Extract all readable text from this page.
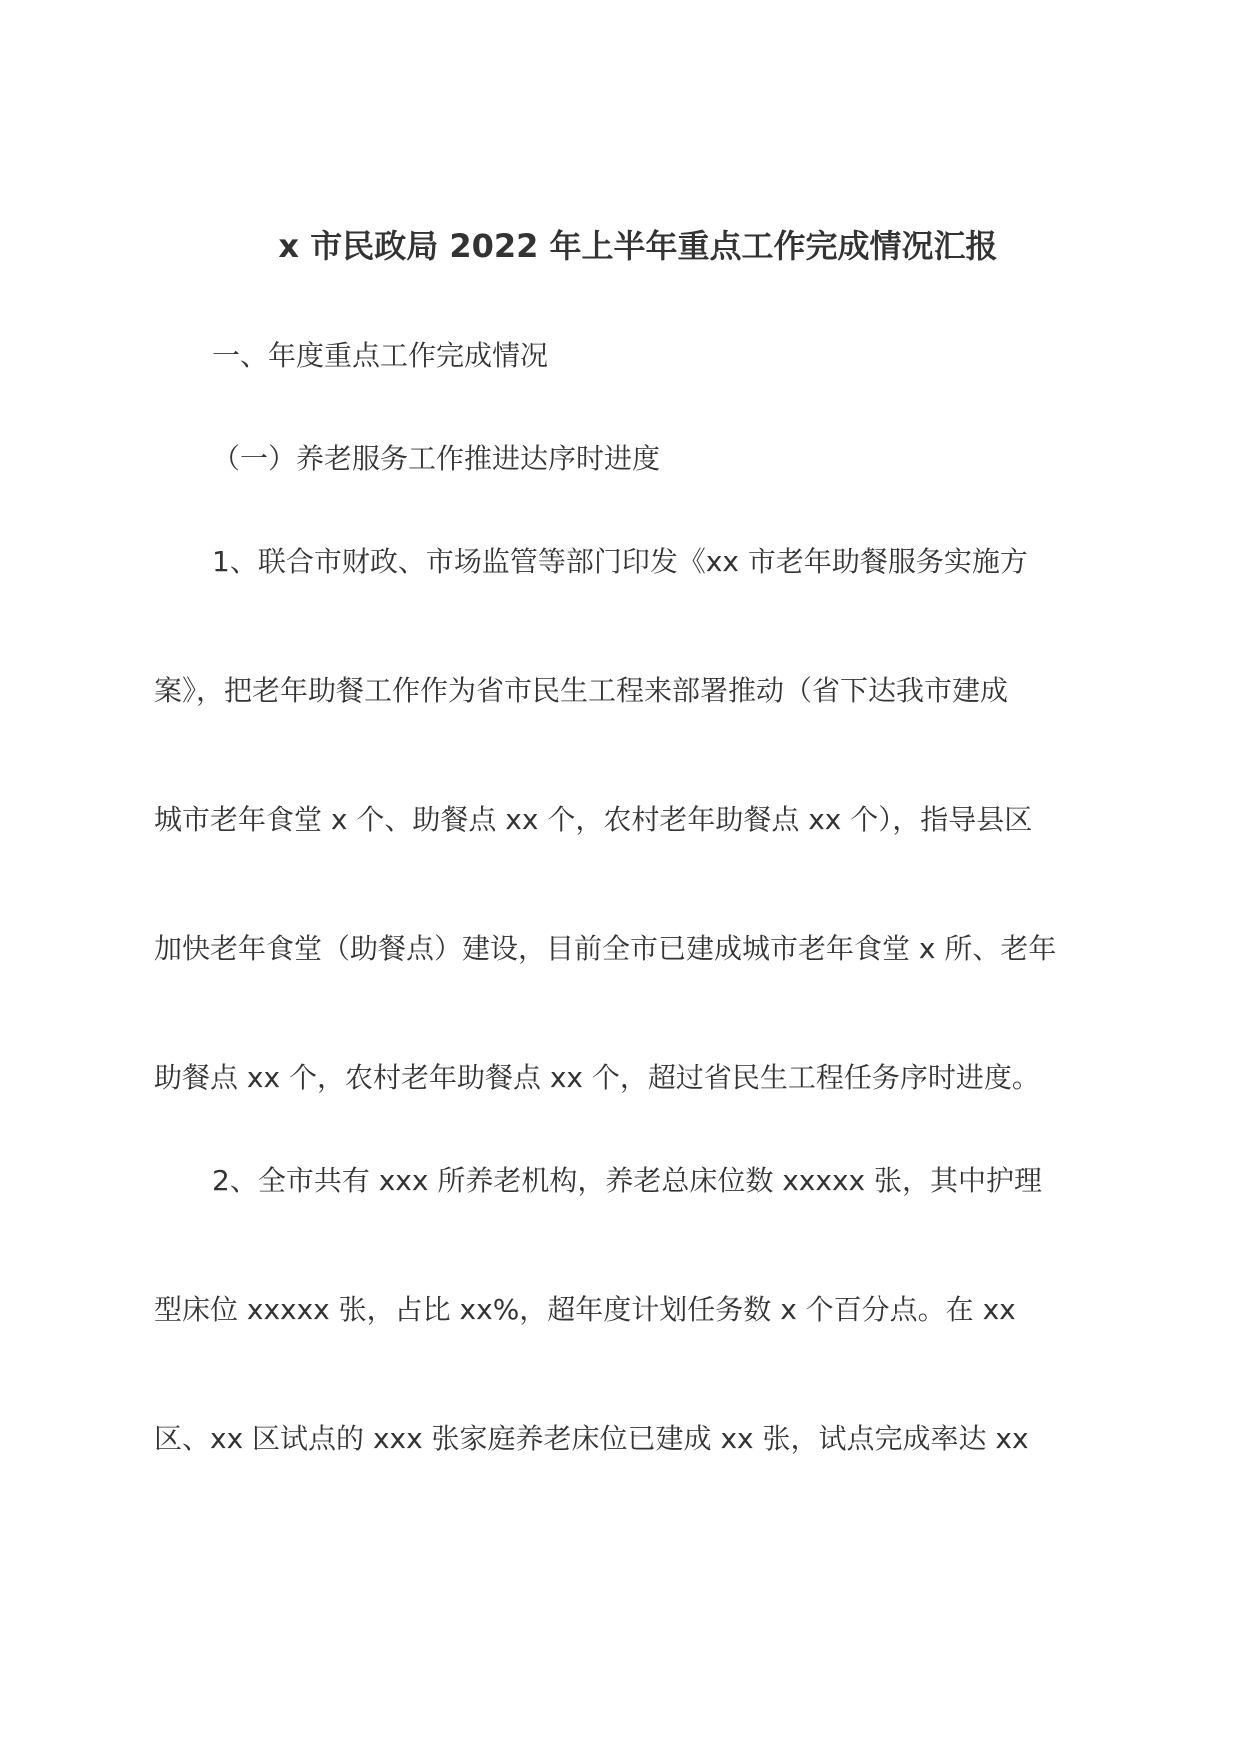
x 市民政局 2022 年上半年重点工作完成情况汇报

一、年度重点工作完成情况

（一）养老服务工作推进达序时进度

1、联合市财政、市场监管等部门印发《xx 市老年助餐服务实施方

案》，把老年助餐工作作为省市民生工程来部署推动（省下达我市建成

城市老年食堂 x 个、助餐点 xx 个，农村老年助餐点 xx 个），指导县区

加快老年食堂（助餐点）建设，目前全市已建成城市老年食堂 x 所、老年

助餐点 xx 个，农村老年助餐点 xx 个，超过省民生工程任务序时进度。

2、全市共有 xxx 所养老机构，养老总床位数 xxxxx 张，其中护理

型床位 xxxxx 张，占比 xx%，超年度计划任务数 x 个百分点。在 xx

区、xx 区试点的 xxx 张家庭养老床位已建成 xx 张，试点完成率达 xx
